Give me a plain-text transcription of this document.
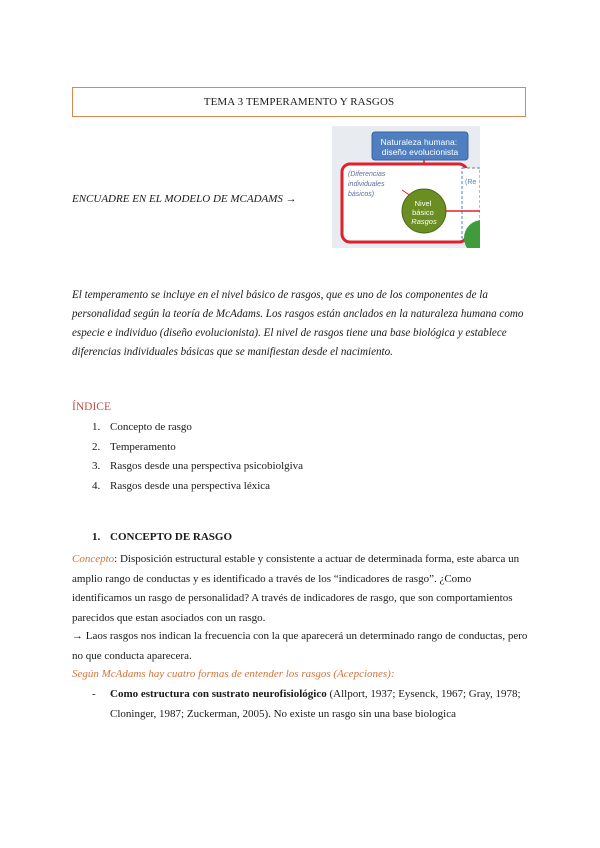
TEMA 3 TEMPERAMENTO Y RASGOS
ENCUADRE EN EL MODELO DE MCADAMS →
Naturaleza humana: diseño evolucionista
(Re
(Diferencias individuales básicos)
Nivel básico Rasgos
El temperamento se incluye en el nivel básico de rasgos, que es uno de los componentes de la personalidad según la teoría de McAdams. Los rasgos están anclados en la naturaleza humana como especie e individuo (diseño evolucionista). El nivel de rasgos tiene una base biológica y establece diferencias individuales básicas que se manifiestan desde el nacimiento.
ÍNDICE
1. Concepto de rasgo
2. Temperamento
3. Rasgos desde una perspectiva psicobiolgiva
4. Rasgos desde una perspectiva léxica
1. CONCEPTO DE RASGO
Concepto: Disposición estructural estable y consistente a actuar de determinada forma, este abarca un amplio rango de conductas y es identificado a través de los “indicadores de rasgo”. ¿Como identificamos un rasgo de personalidad? A través de indicadores de rasgo, que son comportamientos parecidos que estan asociados con un rasgo.
→ Laos rasgos nos indican la frecuencia con la que aparecerá un determinado rango de conductas, pero no que conducta aparecera.
Según McAdams hay cuatro formas de entender los rasgos (Acepciones):
-	Como estructura con sustrato neurofisiológico (Allport, 1937; Eysenck, 1967; Gray, 1978; Cloninger, 1987; Zuckerman, 2005). No existe un rasgo sin una base biologica
